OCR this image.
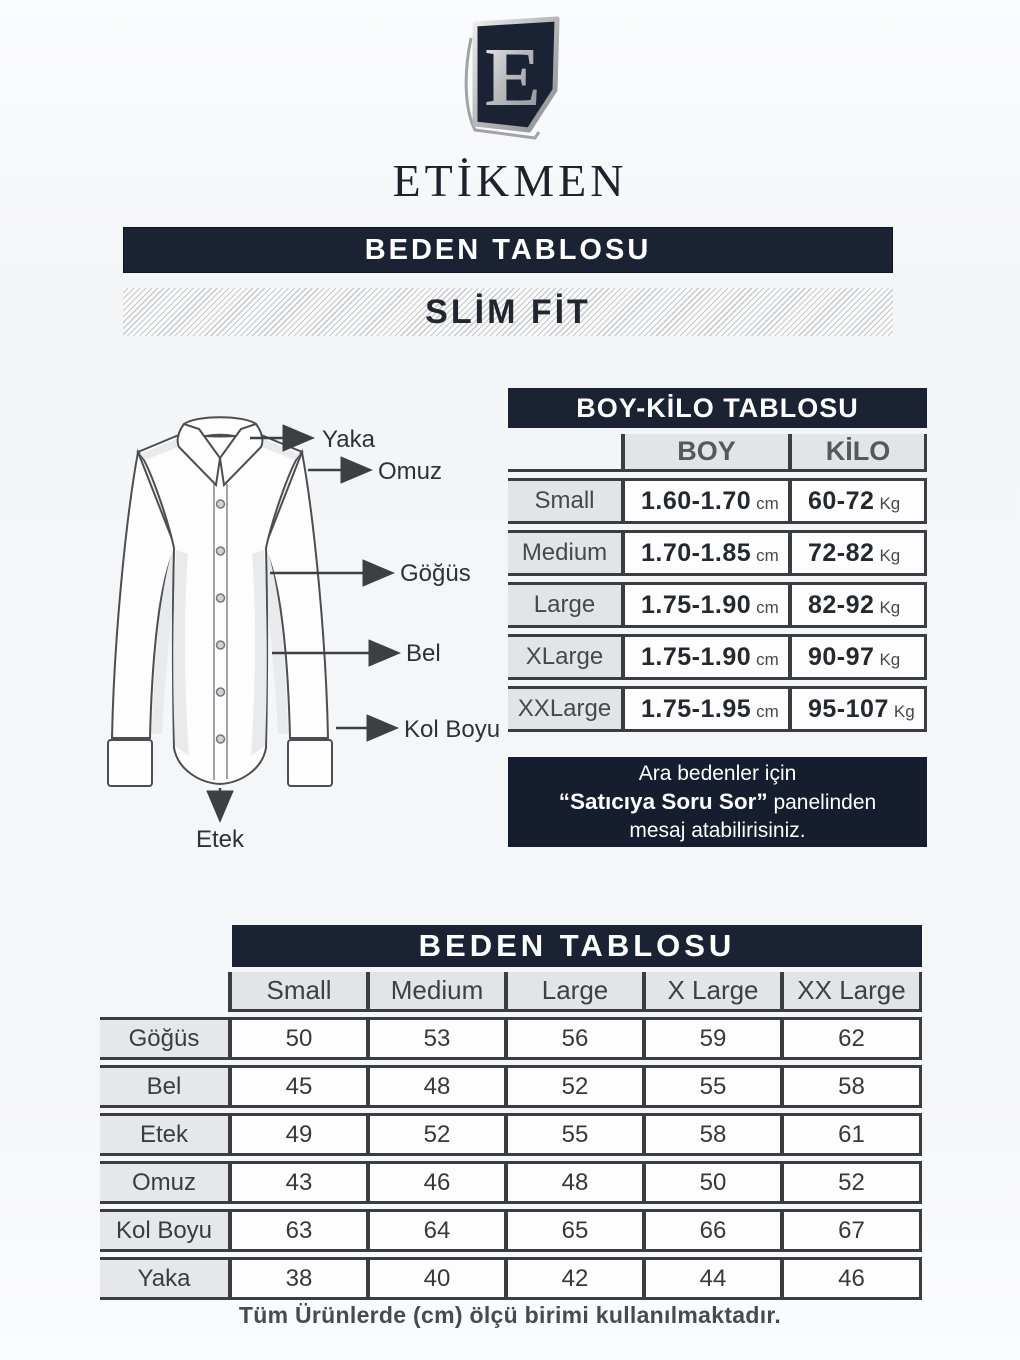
E
ETİKMEN
BEDEN TABLOSU
SLİM FİT
Yaka
Omuz
Göğüs
Bel
Kol Boyu
Etek
BOY-KİLO TABLOSU		
	BOY	KİLO
Small	1.60-1.70 cm	60-72 Kg
Medium	1.70-1.85 cm	72-82 Kg
Large	1.75-1.90 cm	82-92 Kg
XLarge	1.75-1.90 cm	90-97 Kg
XXLarge	1.75-1.95 cm	95-107 Kg
Ara bedenler için
“Satıcıya Soru Sor” panelinden
mesaj atabilirisiniz.
	BEDEN TABLOSU				
	Small	Medium	Large	X Large	XX Large
Göğüs	50	53	56	59	62
Bel	45	48	52	55	58
Etek	49	52	55	58	61
Omuz	43	46	48	50	52
Kol Boyu	63	64	65	66	67
Yaka	38	40	42	44	46
Tüm Ürünlerde (cm) ölçü birimi kullanılmaktadır.
